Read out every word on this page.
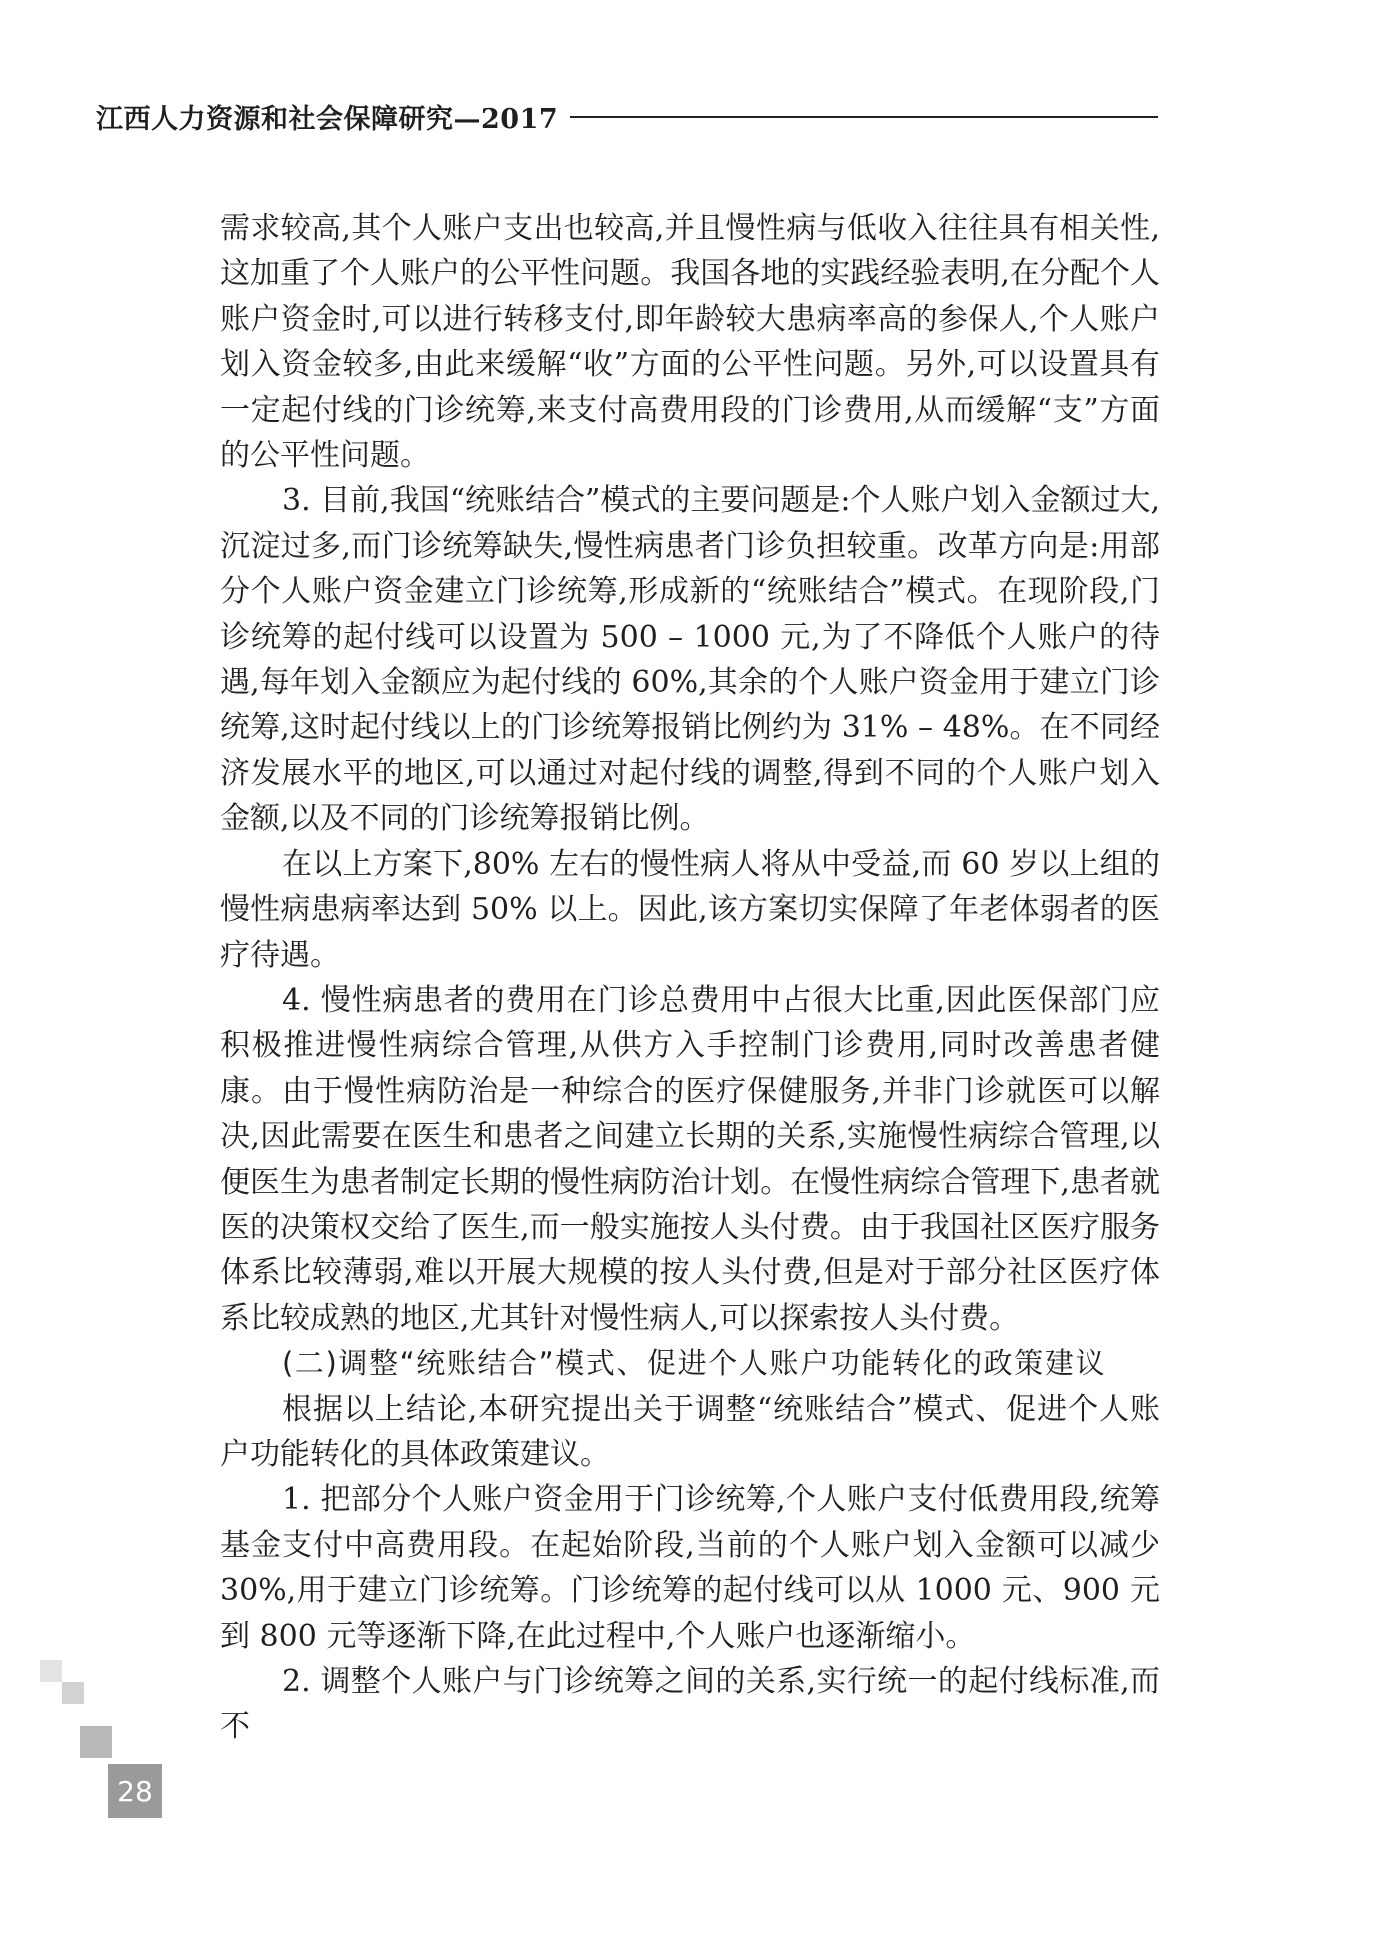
江西人力资源和社会保障研究—2017

需求较高,其个人账户支出也较高,并且慢性病与低收入往往具有相关性,这加重了个人账户的公平性问题。我国各地的实践经验表明,在分配个人账户资金时,可以进行转移支付,即年龄较大患病率高的参保人,个人账户划入资金较多,由此来缓解“收”方面的公平性问题。另外,可以设置具有一定起付线的门诊统筹,来支付高费用段的门诊费用,从而缓解“支”方面的公平性问题。

3. 目前,我国“统账结合”模式的主要问题是:个人账户划入金额过大,沉淀过多,而门诊统筹缺失,慢性病患者门诊负担较重。改革方向是:用部分个人账户资金建立门诊统筹,形成新的“统账结合”模式。在现阶段,门诊统筹的起付线可以设置为 500 – 1000 元,为了不降低个人账户的待遇,每年划入金额应为起付线的 60%,其余的个人账户资金用于建立门诊统筹,这时起付线以上的门诊统筹报销比例约为 31% – 48%。在不同经济发展水平的地区,可以通过对起付线的调整,得到不同的个人账户划入金额,以及不同的门诊统筹报销比例。

在以上方案下,80% 左右的慢性病人将从中受益,而 60 岁以上组的慢性病患病率达到 50% 以上。因此,该方案切实保障了年老体弱者的医疗待遇。

4. 慢性病患者的费用在门诊总费用中占很大比重,因此医保部门应积极推进慢性病综合管理,从供方入手控制门诊费用,同时改善患者健康。由于慢性病防治是一种综合的医疗保健服务,并非门诊就医可以解决,因此需要在医生和患者之间建立长期的关系,实施慢性病综合管理,以便医生为患者制定长期的慢性病防治计划。在慢性病综合管理下,患者就医的决策权交给了医生,而一般实施按人头付费。由于我国社区医疗服务体系比较薄弱,难以开展大规模的按人头付费,但是对于部分社区医疗体系比较成熟的地区,尤其针对慢性病人,可以探索按人头付费。

(二)调整“统账结合”模式、促进个人账户功能转化的政策建议

根据以上结论,本研究提出关于调整“统账结合”模式、促进个人账户功能转化的具体政策建议。

1. 把部分个人账户资金用于门诊统筹,个人账户支付低费用段,统筹基金支付中高费用段。在起始阶段,当前的个人账户划入金额可以减少 30%,用于建立门诊统筹。门诊统筹的起付线可以从 1000 元、900 元到 800 元等逐渐下降,在此过程中,个人账户也逐渐缩小。

2. 调整个人账户与门诊统筹之间的关系,实行统一的起付线标准,而不

28
